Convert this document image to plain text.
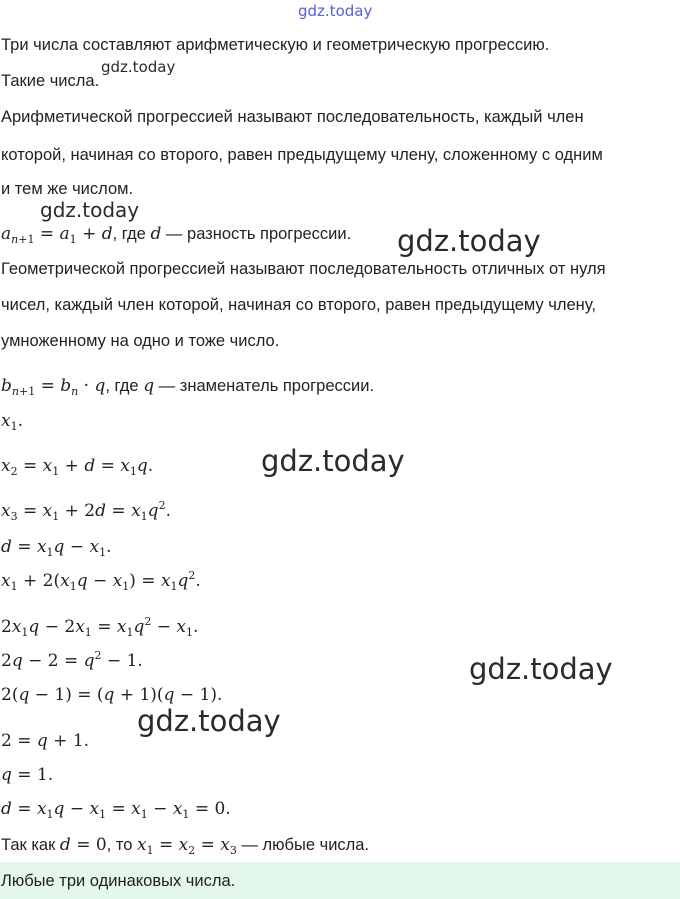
gdz.today
gdz.today
gdz.today
gdz.today
gdz.today
gdz.today
gdz.today
Три числа составляют арифметическую и геометрическую прогрессию.
Такие числа.
Арифметической прогрессией называют последовательность, каждый член
которой, начиная со второго, равен предыдущему члену, сложенному с одним
и тем же числом.
$a_{n+1} = a_1 + d$, где d — разность прогрессии.
Геометрической прогрессией называют последовательность отличных от нуля
чисел, каждый член которой, начиная со второго, равен предыдущему члену,
умноженному на одно и тоже число.
$b_{n+1} = b_n \cdot q$, где q — знаменатель прогрессии.
$x_1$.
$x_2 = x_1 + d = x_1q$.
$x_3 = x_1 + 2d = x_1q^2$.
$d = x_1q - x_1$.
$x_1 + 2(x_1q - x_1) = x_1q^2$.
$2x_1q - 2x_1 = x_1q^2 - x_1$.
$2q - 2 = q^2 - 1$.
2(q − 1) = (q + 1)(q − 1).
2 = q + 1.
q = 1.
$d = x_1q - x_1 = x_1 - x_1 = 0$.
Так как d = 0, то $x_1 = x_2 = x_3$ — любые числа.
Любые три одинаковых числа.
